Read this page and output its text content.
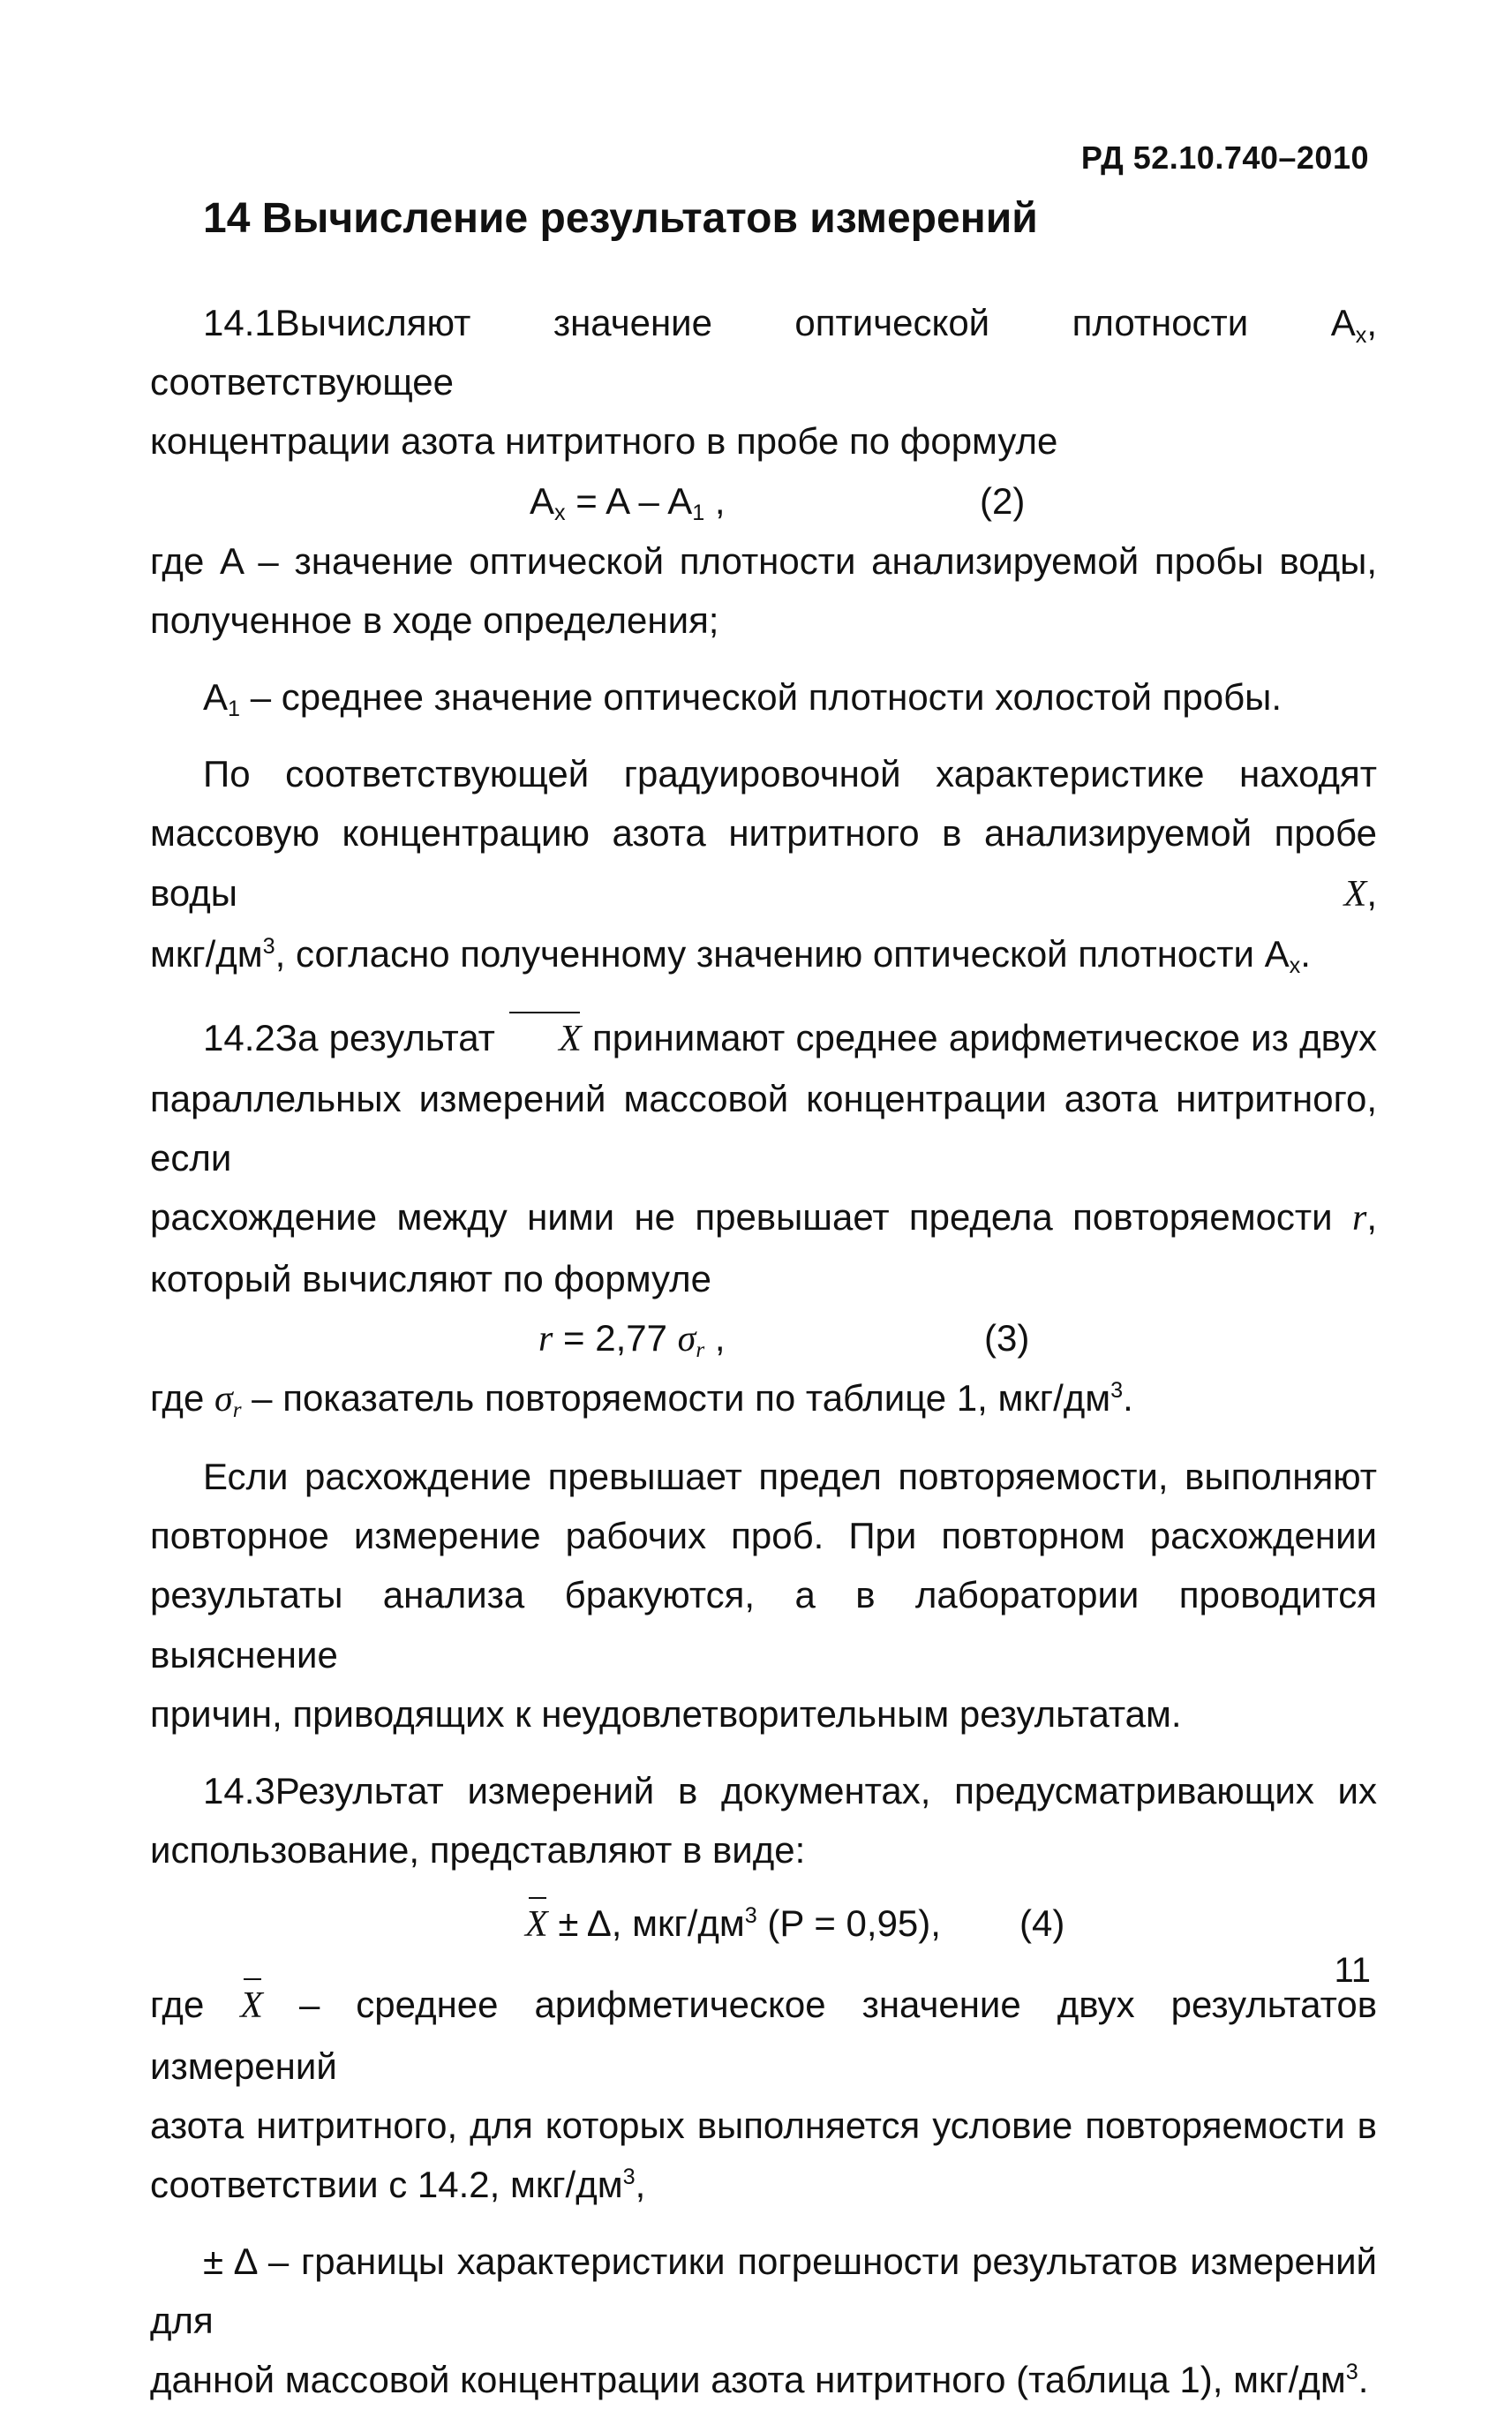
РД 52.10.740–2010
14 Вычисление результатов измерений

14.1Вычисляют значение оптической плотности $A_x$, соответствующее

концентрации азота нитритного в пробе по формуле

$A_x = A - A_1$ ,	(2)

где A – значение оптической плотности анализируемой пробы воды,

полученное в ходе определения;

$A_1$ – среднее значение оптической плотности холостой пробы.

По соответствующей градуировочной характеристике находят

массовую концентрацию азота нитритного в анализируемой пробе воды X,

мкг/$дм^3$, согласно полученному значению оптической плотности $A_x$.

14.2За результат X принимают среднее арифметическое из двух

параллельных измерений массовой концентрации азота нитритного, если

расхождение между ними не превышает предела повторяемости r,

который вычисляют по формуле

r = 2,77 $\sigma_r$ ,	(3)

где $\sigma_r$ – показатель повторяемости по таблице 1, мкг/$дм^3$.

Если расхождение превышает предел повторяемости, выполняют

повторное измерение рабочих проб. При повторном расхождении

результаты анализа бракуются, а в лаборатории проводится выяснение

причин, приводящих к неудовлетворительным результатам.

14.3Результат измерений в документах, предусматривающих их

использование, представляют в виде:

X ± Δ, мкг/$дм^3$ (P = 0,95), (4)

где X – среднее арифметическое значение двух результатов измерений

азота нитритного, для которых выполняется условие повторяемости в

соответствии с 14.2, мкг/$дм^3$,

± Δ – границы характеристики погрешности результатов измерений для

данной массовой концентрации азота нитритного (таблица 1), мкг/$дм^3$.

11
